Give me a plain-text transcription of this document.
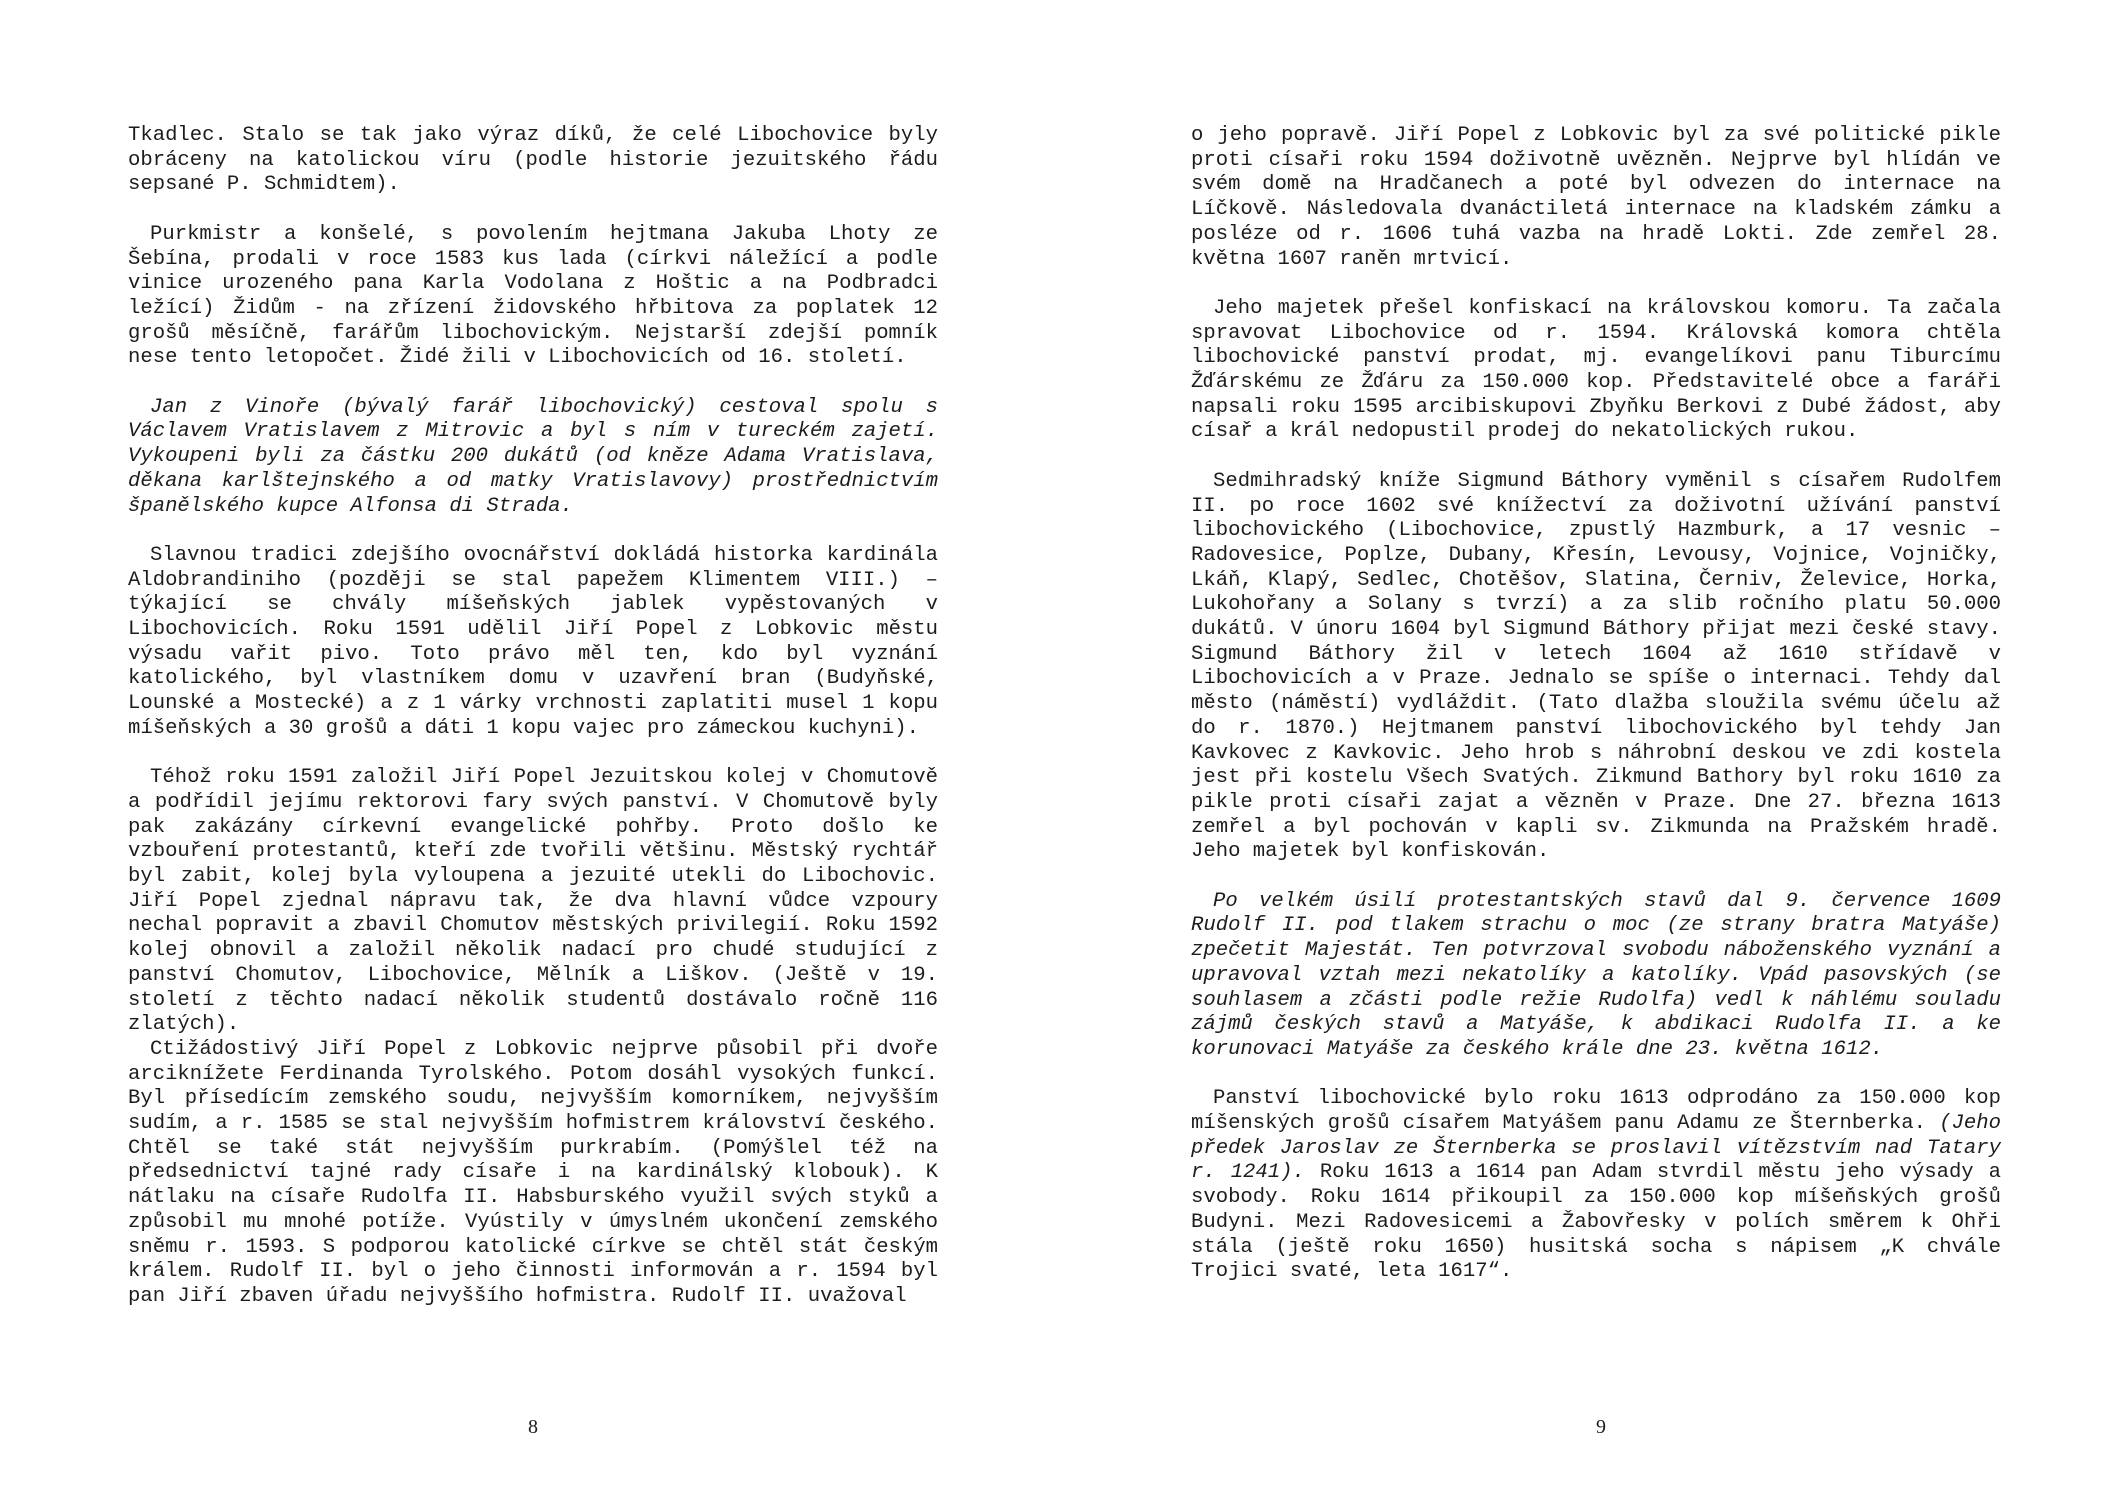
Tkadlec. Stalo se tak jako výraz díků, že celé Libochovice byly obráceny na katolickou víru (podle historie jezuitského řádu sepsané P. Schmidtem).

Purkmistr a konšelé, s povolením hejtmana Jakuba Lhoty ze Šebína, prodali v roce 1583 kus lada (církvi náležící a podle vinice urozeného pana Karla Vodolana z Hoštic a na Podbradci ležící) Židům - na zřízení židovského hřbitova za poplatek 12 grošů měsíčně, farářům libochovickým. Nejstarší zdejší pomník nese tento letopočet. Židé žili v Libochovicích od 16. století.

Jan z Vinoře (bývalý farář libochovický) cestoval spolu s Václavem Vratislavem z Mitrovic a byl s ním v tureckém zajetí. Vykoupeni byli za částku 200 dukátů (od kněze Adama Vratislava, děkana karlštejnského a od matky Vratislavovy) prostřednictvím španělského kupce Alfonsa di Strada.

Slavnou tradici zdejšího ovocnářství dokládá historka kardinála Aldobrandiniho (později se stal papežem Klimentem VIII.) – týkající se chvály míšeňských jablek vypěstovaných v Libochovicích. Roku 1591 udělil Jiří Popel z Lobkovic městu výsadu vařit pivo. Toto právo měl ten, kdo byl vyznání katolického, byl vlastníkem domu v uzavření bran (Budyňské, Lounské a Mostecké) a z 1 várky vrchnosti zaplatiti musel 1 kopu míšeňských a 30 grošů a dáti 1 kopu vajec pro zámeckou kuchyni).

Téhož roku 1591 založil Jiří Popel Jezuitskou kolej v Chomutově a podřídil jejímu rektorovi fary svých panství. V Chomutově byly pak zakázány církevní evangelické pohřby. Proto došlo ke vzbouření protestantů, kteří zde tvořili většinu. Městský rychtář byl zabit, kolej byla vyloupena a jezuité utekli do Libochovic. Jiří Popel zjednal nápravu tak, že dva hlavní vůdce vzpoury nechal popravit a zbavil Chomutov městských privilegií. Roku 1592 kolej obnovil a založil několik nadací pro chudé studující z panství Chomutov, Libochovice, Mělník a Liškov. (Ještě v 19. století z těchto nadací několik studentů dostávalo ročně 116 zlatých).

Ctižádostivý Jiří Popel z Lobkovic nejprve působil při dvoře arciknížete Ferdinanda Tyrolského. Potom dosáhl vysokých funkcí. Byl přísedícím zemského soudu, nejvyšším komorníkem, nejvyšším sudím, a r. 1585 se stal nejvyšším hofmistrem království českého. Chtěl se také stát nejvyšším purkrabím. (Pomýšlel též na předsednictví tajné rady císaře i na kardinálský klobouk). K nátlaku na císaře Rudolfa II. Habsburského využil svých styků a způsobil mu mnohé potíže. Vyústily v úmyslném ukončení zemského sněmu r. 1593. S podporou katolické církve se chtěl stát českým králem. Rudolf II. byl o jeho činnosti informován a r. 1594 byl pan Jiří zbaven úřadu nejvyššího hofmistra. Rudolf II. uvažoval

8

o jeho popravě. Jiří Popel z Lobkovic byl za své politické pikle proti císaři roku 1594 doživotně uvězněn. Nejprve byl hlídán ve svém domě na Hradčanech a poté byl odvezen do internace na Líčkově. Následovala dvanáctiletá internace na kladském zámku a posléze od r. 1606 tuhá vazba na hradě Lokti. Zde zemřel 28. května 1607 raněn mrtvicí.

Jeho majetek přešel konfiskací na královskou komoru. Ta začala spravovat Libochovice od r. 1594. Královská komora chtěla libochovické panství prodat, mj. evangelíkovi panu Tiburcímu Žďárskému ze Žďáru za 150.000 kop. Představitelé obce a faráři napsali roku 1595 arcibiskupovi Zbyňku Berkovi z Dubé žádost, aby císař a král nedopustil prodej do nekatolických rukou.

Sedmihradský kníže Sigmund Báthory vyměnil s císařem Rudolfem II. po roce 1602 své knížectví za doživotní užívání panství libochovického (Libochovice, zpustlý Hazmburk, a 17 vesnic – Radovesice, Poplze, Dubany, Křesín, Levousy, Vojnice, Vojničky, Lkáň, Klapý, Sedlec, Chotěšov, Slatina, Černiv, Želevice, Horka, Lukohořany a Solany s tvrzí) a za slib ročního platu 50.000 dukátů. V únoru 1604 byl Sigmund Báthory přijat mezi české stavy. Sigmund Báthory žil v letech 1604 až 1610 střídavě v Libochovicích a v Praze. Jednalo se spíše o internaci. Tehdy dal město (náměstí) vydláždit. (Tato dlažba sloužila svému účelu až do r. 1870.) Hejtmanem panství libochovického byl tehdy Jan Kavkovec z Kavkovic. Jeho hrob s náhrobní deskou ve zdi kostela jest při kostelu Všech Svatých. Zikmund Bathory byl roku 1610 za pikle proti císaři zajat a vězněn v Praze. Dne 27. března 1613 zemřel a byl pochován v kapli sv. Zikmunda na Pražském hradě. Jeho majetek byl konfiskován.

Po velkém úsilí protestantských stavů dal 9. července 1609 Rudolf II. pod tlakem strachu o moc (ze strany bratra Matyáše) zpečetit Majestát. Ten potvrzoval svobodu náboženského vyznání a upravoval vztah mezi nekatolíky a katolíky. Vpád pasovských (se souhlasem a zčásti podle režie Rudolfa) vedl k náhlému souladu zájmů českých stavů a Matyáše, k abdikaci Rudolfa II. a ke korunovaci Matyáše za českého krále dne 23. května 1612.

Panství libochovické bylo roku 1613 odprodáno za 150.000 kop míšenských grošů císařem Matyášem panu Adamu ze Šternberka. (Jeho předek Jaroslav ze Šternberka se proslavil vítězstvím nad Tatary r. 1241). Roku 1613 a 1614 pan Adam stvrdil městu jeho výsady a svobody. Roku 1614 přikoupil za 150.000 kop míšeňských grošů Budyni. Mezi Radovesicemi a Žabovřesky v polích směrem k Ohři stála (ještě roku 1650) husitská socha s nápisem „K chvále Trojici svaté, leta 1617“.

9
